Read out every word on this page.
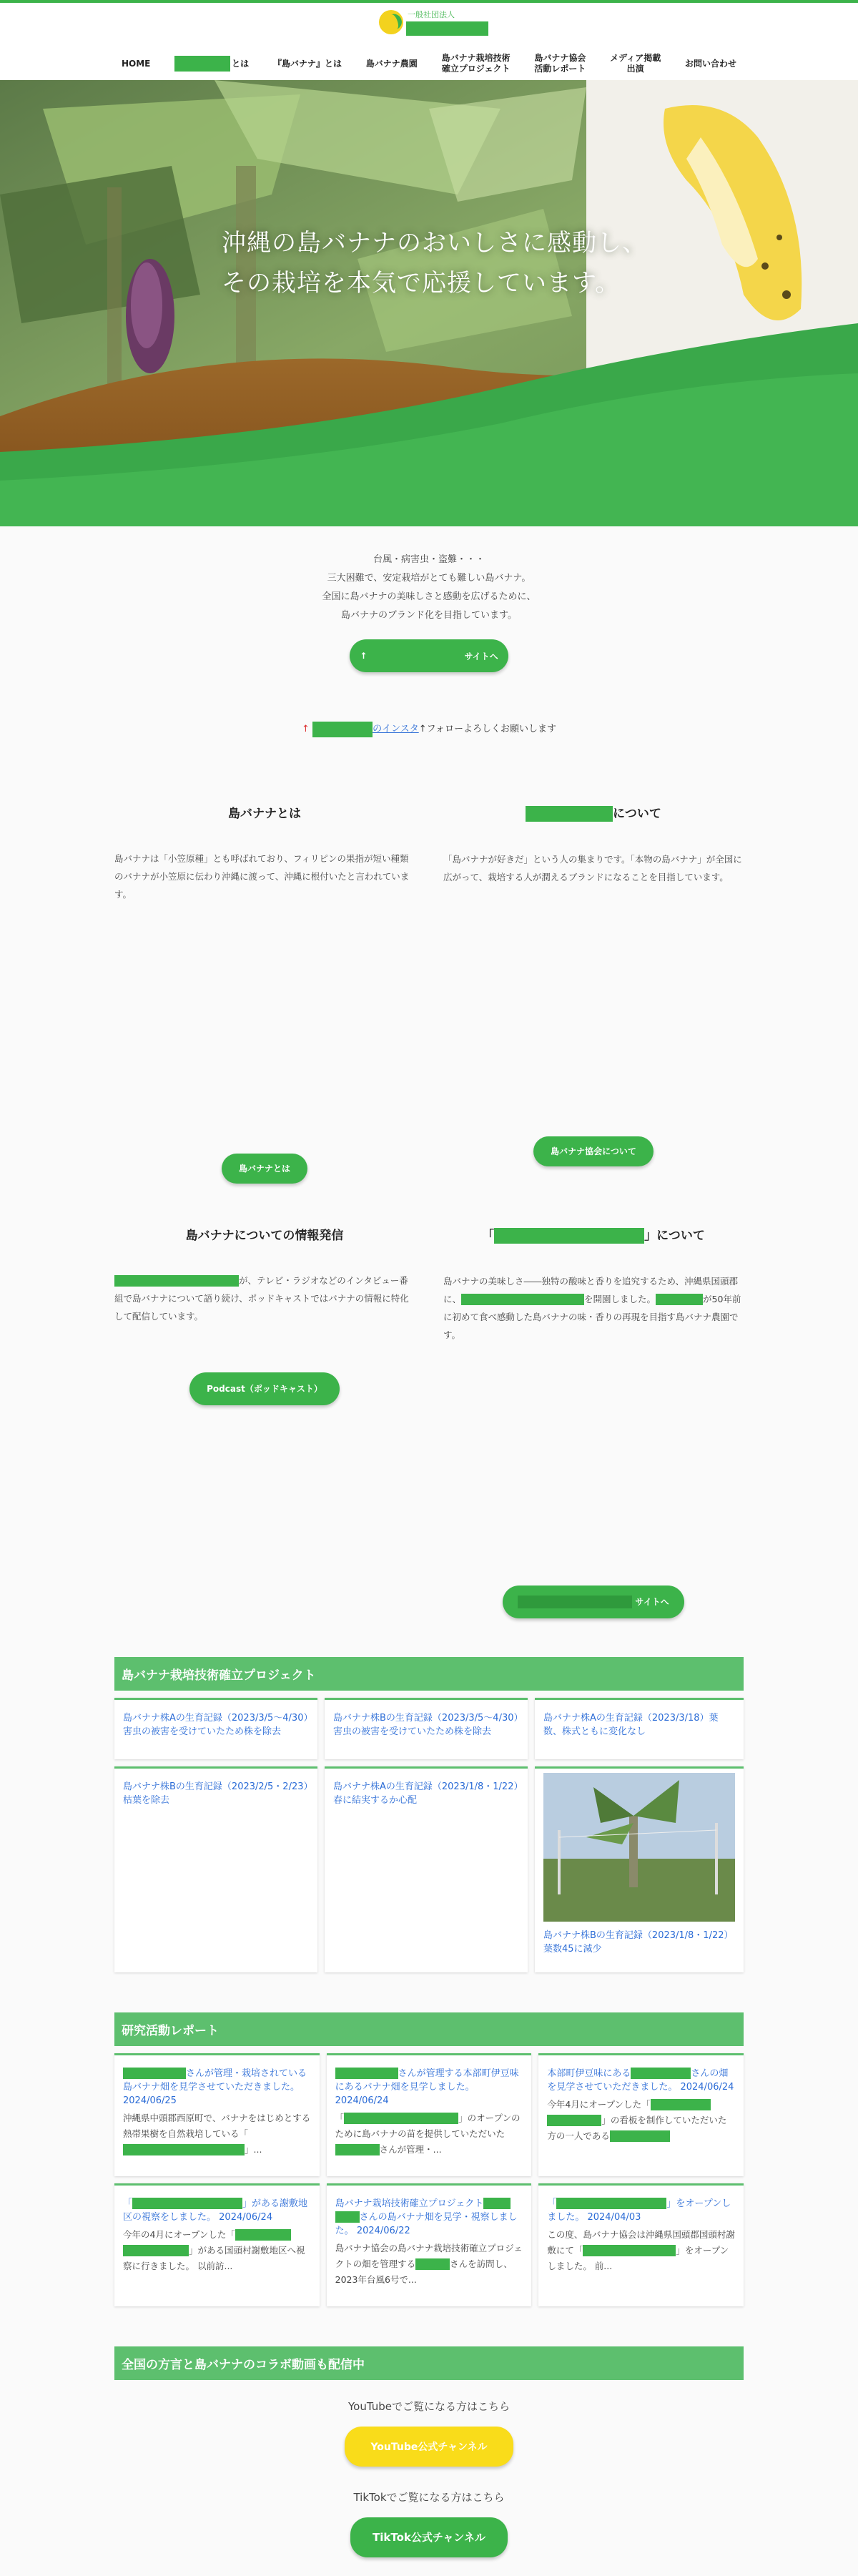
一般社団法人
HOME	とは	『島バナナ』とは	島バナナ農園
島バナナ栽培技術
確立プロジェクト
島バナナ協会
活動レポート
メディア掲載
出演
お問い合わせ
沖縄の島バナナのおいしさに感動し、
その栽培を本気で応援しています。

台風・病害虫・盗難・・・

三大困難で、安定栽培がとても難しい島バナナ。

全国に島バナナの美味しさと感動を広げるために、

島バナナのブランド化を目指しています。

↑	サイトへ
↑	のインスタ↑フォローよろしくお願いします
島バナナとは

島バナナは「小笠原種」とも呼ばれており、フィリピンの果指が短い種類のバナナが小笠原に伝わり沖縄に渡って、沖縄に根付いたと言われています。

島バナナとは
について

「島バナナが好きだ」という人の集まりです。「本物の島バナナ」が全国に広がって、栽培する人が潤えるブランドになることを目指しています。

島バナナ協会について
島バナナについての情報発信

が、テレビ・ラジオなどのインタビュー番組で島バナナについて語り続け、ポッドキャストではバナナの情報に特化して配信しています。

Podcast（ポッドキャスト）
「	」について

島バナナの美味しさ――独特の酸味と香りを追究するため、沖縄県国頭郡に、	を開園しました。	が50年前に初めて食べ感動した島バナナの味・香りの再現を目指す島バナナ農園です。

サイトへ
島バナナ栽培技術確立プロジェクト
島バナナ株Aの生育記録（2023/3/5～4/30）害虫の被害を受けていたため株を除去
島バナナ株Bの生育記録（2023/3/5～4/30）害虫の被害を受けていたため株を除去
島バナナ株Aの生育記録（2023/3/18）葉数、株式ともに変化なし
島バナナ株Bの生育記録（2023/2/5・2/23）枯葉を除去
島バナナ株Aの生育記録（2023/1/8・1/22）春に結実するか心配
島バナナ株Bの生育記録（2023/1/8・1/22）葉数45に減少
研究活動レポート
さんが管理・栽培されている島バナナ畑を見学させていただきました。 2024/06/25
沖縄県中頭郡西原町で、バナナをはじめとする熱帯果樹を自然栽培している「」...
さんが管理する本部町伊豆味にあるバナナ畑を見学しました。 2024/06/24
「	」のオープンのために島バナナの苗を提供していただいたさんが管理・...
本部町伊豆味にある	さんの畑を見学させていただきました。 2024/06/24
今年4月にオープンした「」の看板を制作していただいた方の一人である
「	」がある謝敷地区の視察をしました。 2024/06/24
今年の4月にオープンした「」がある国頭村謝敷地区へ視察に行きました。 以前訪...
島バナナ栽培技術確立プロジェクトさんの島バナナ畑を見学・視察しました。 2024/06/22
島バナナ協会の島バナナ栽培技術確立プロジェクトの畑を管理する	さんを訪問し、2023年台風6号で...
「	」をオープンしました。 2024/04/03
この度、島バナナ協会は沖縄県国頭郡国頭村謝敷にて「	」をオープンしました。 前...
全国の方言と島バナナのコラボ動画も配信中
YouTubeでご覧になる方はこちら
YouTube公式チャンネル
TikTokでご覧になる方はこちら
TikTok公式チャンネル
